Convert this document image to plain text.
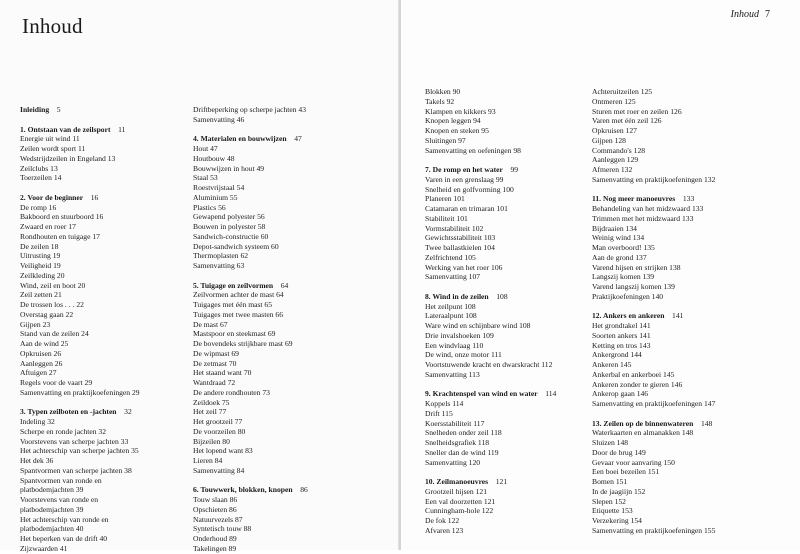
Inhoud
Inleiding  5
1. Ontstaan van de zeilsport  11
Energie uit wind 11
Zeilen wordt sport 11
Wedstrijdzeilen in Engeland 13
Zeilclubs 13
Toerzeilen 14
2. Voor de beginner  16
De romp 16
Bakboord en stuurboord 16
Zwaard en roer 17
Rondhouten en tuigage 17
De zeilen 18
Uitrusting 19
Veiligheid 19
Zeilkleding 20
Wind, zeil en boot 20
Zeil zetten 21
De trossen los . . . 22
Overstag gaan 22
Gijpen 23
Stand van de zeilen 24
Aan de wind 25
Opkruisen 26
Aanleggen 26
Aftuigen 27
Regels voor de vaart 29
Samenvatting en praktijkoefeningen 29
3. Typen zeilboten en -jachten  32
Indeling 32
Scherpe en ronde jachten 32
Voorstevens van scherpe jachten 33
Het achterschip van scherpe jachten 35
Het dek 36
Spantvormen van scherpe jachten 38
Spantvormen van ronde en
platbodemjachten 39
Voorstevens van ronde en
platbodemjachten 39
Het achterschip van ronde en
platbodemjachten 40
Het beperken van de drift 40
Zijzwaarden 41
Driftbeperking op scherpe jachten 43
Samenvatting 46
4. Materialen en bouwwijzen  47
Hout 47
Houtbouw 48
Bouwwijzen in hout 49
Staal 53
Roestvrijstaal 54
Aluminium 55
Plastics 56
Gewapend polyester 56
Bouwen in polyester 58
Sandwich-constructie 60
Depot-sandwich systeem 60
Thermoplasten 62
Samenvatting 63
5. Tuigage en zeilvormen  64
Zeilvormen achter de mast 64
Tuigages met één mast 65
Tuigages met twee masten 66
De mast 67
Mastspoor en steekmast 69
De bovendeks strijkbare mast 69
De wipmast 69
De zetmast 70
Het staand want 70
Wantdraad 72
De andere rondhouten 73
Zeildoek 75
Het zeil 77
Het grootzeil 77
De voorzeilen 80
Bijzeilen 80
Het lopend want 83
Lieren 84
Samenvatting 84
6. Touwwerk, blokken, knopen  86
Touw slaan 86
Opschieten 86
Natuurvezels 87
Syntetisch touw 88
Onderhoud 89
Takelingen 89
Inhoud 7
Blokken 90
Takels 92
Klampen en kikkers 93
Knopen leggen 94
Knopen en steken 95
Sluitingen 97
Samenvatting en oefeningen 98
7. De romp en het water  99
Varen in een grenslaag 99
Snelheid en golfvorming 100
Planeren 101
Catamaran en trimaran 101
Stabiliteit 101
Vormstabiliteit 102
Gewichtsstabiliteit 103
Twee ballastkielen 104
Zelfrichtend 105
Werking van het roer 106
Samenvatting 107
8. Wind in de zeilen  108
Het zeilpunt 108
Lateraalpunt 108
Ware wind en schijnbare wind 108
Drie invalshoeken 109
Een windvlaag 110
De wind, onze motor 111
Voortstuwende kracht en dwarskracht 112
Samenvatting 113
9. Krachtenspel van wind en water  114
Koppels 114
Drift 115
Koersstabiliteit 117
Snelheden onder zeil 118
Snelheidsgrafiek 118
Sneller dan de wind 119
Samenvatting 120
10. Zeilmanoeuvres  121
Grootzeil hijsen 121
Een val doorzetten 121
Cunningham-hole 122
De fok 122
Afvaren 123
Achteruitzeilen 125
Ontmeren 125
Sturen met roer en zeilen 126
Varen met één zeil 126
Opkruisen 127
Gijpen 128
Commando's 128
Aanleggen 129
Afmeren 132
Samenvatting en praktijkoefeningen 132
11. Nog meer manoeuvres  133
Behandeling van het midzwaard 133
Trimmen met het midzwaard 133
Bijdraaien 134
Weinig wind 134
Man overboord! 135
Aan de grond 137
Varend hijsen en strijken 138
Langszij komen 139
Varend langszij komen 139
Praktijkoefeningen 140
12. Ankers en ankeren  141
Het grondtakel 141
Soorten ankers 141
Ketting en tros 143
Ankergrond 144
Ankeren 145
Ankerbal en ankerboei 145
Ankeren zonder te gieren 146
Ankerop gaan 146
Samenvatting en praktijkoefeningen 147
13. Zeilen op de binnenwateren  148
Waterkaarten en almanakken 148
Sluizen 148
Door de brug 149
Gevaar voor aanvaring 150
Een boei bezeilen 151
Bomen 151
In de jaagiijn 152
Slepen 152
Etiquette 153
Verzekering 154
Samenvatting en praktijkoefeningen 155
